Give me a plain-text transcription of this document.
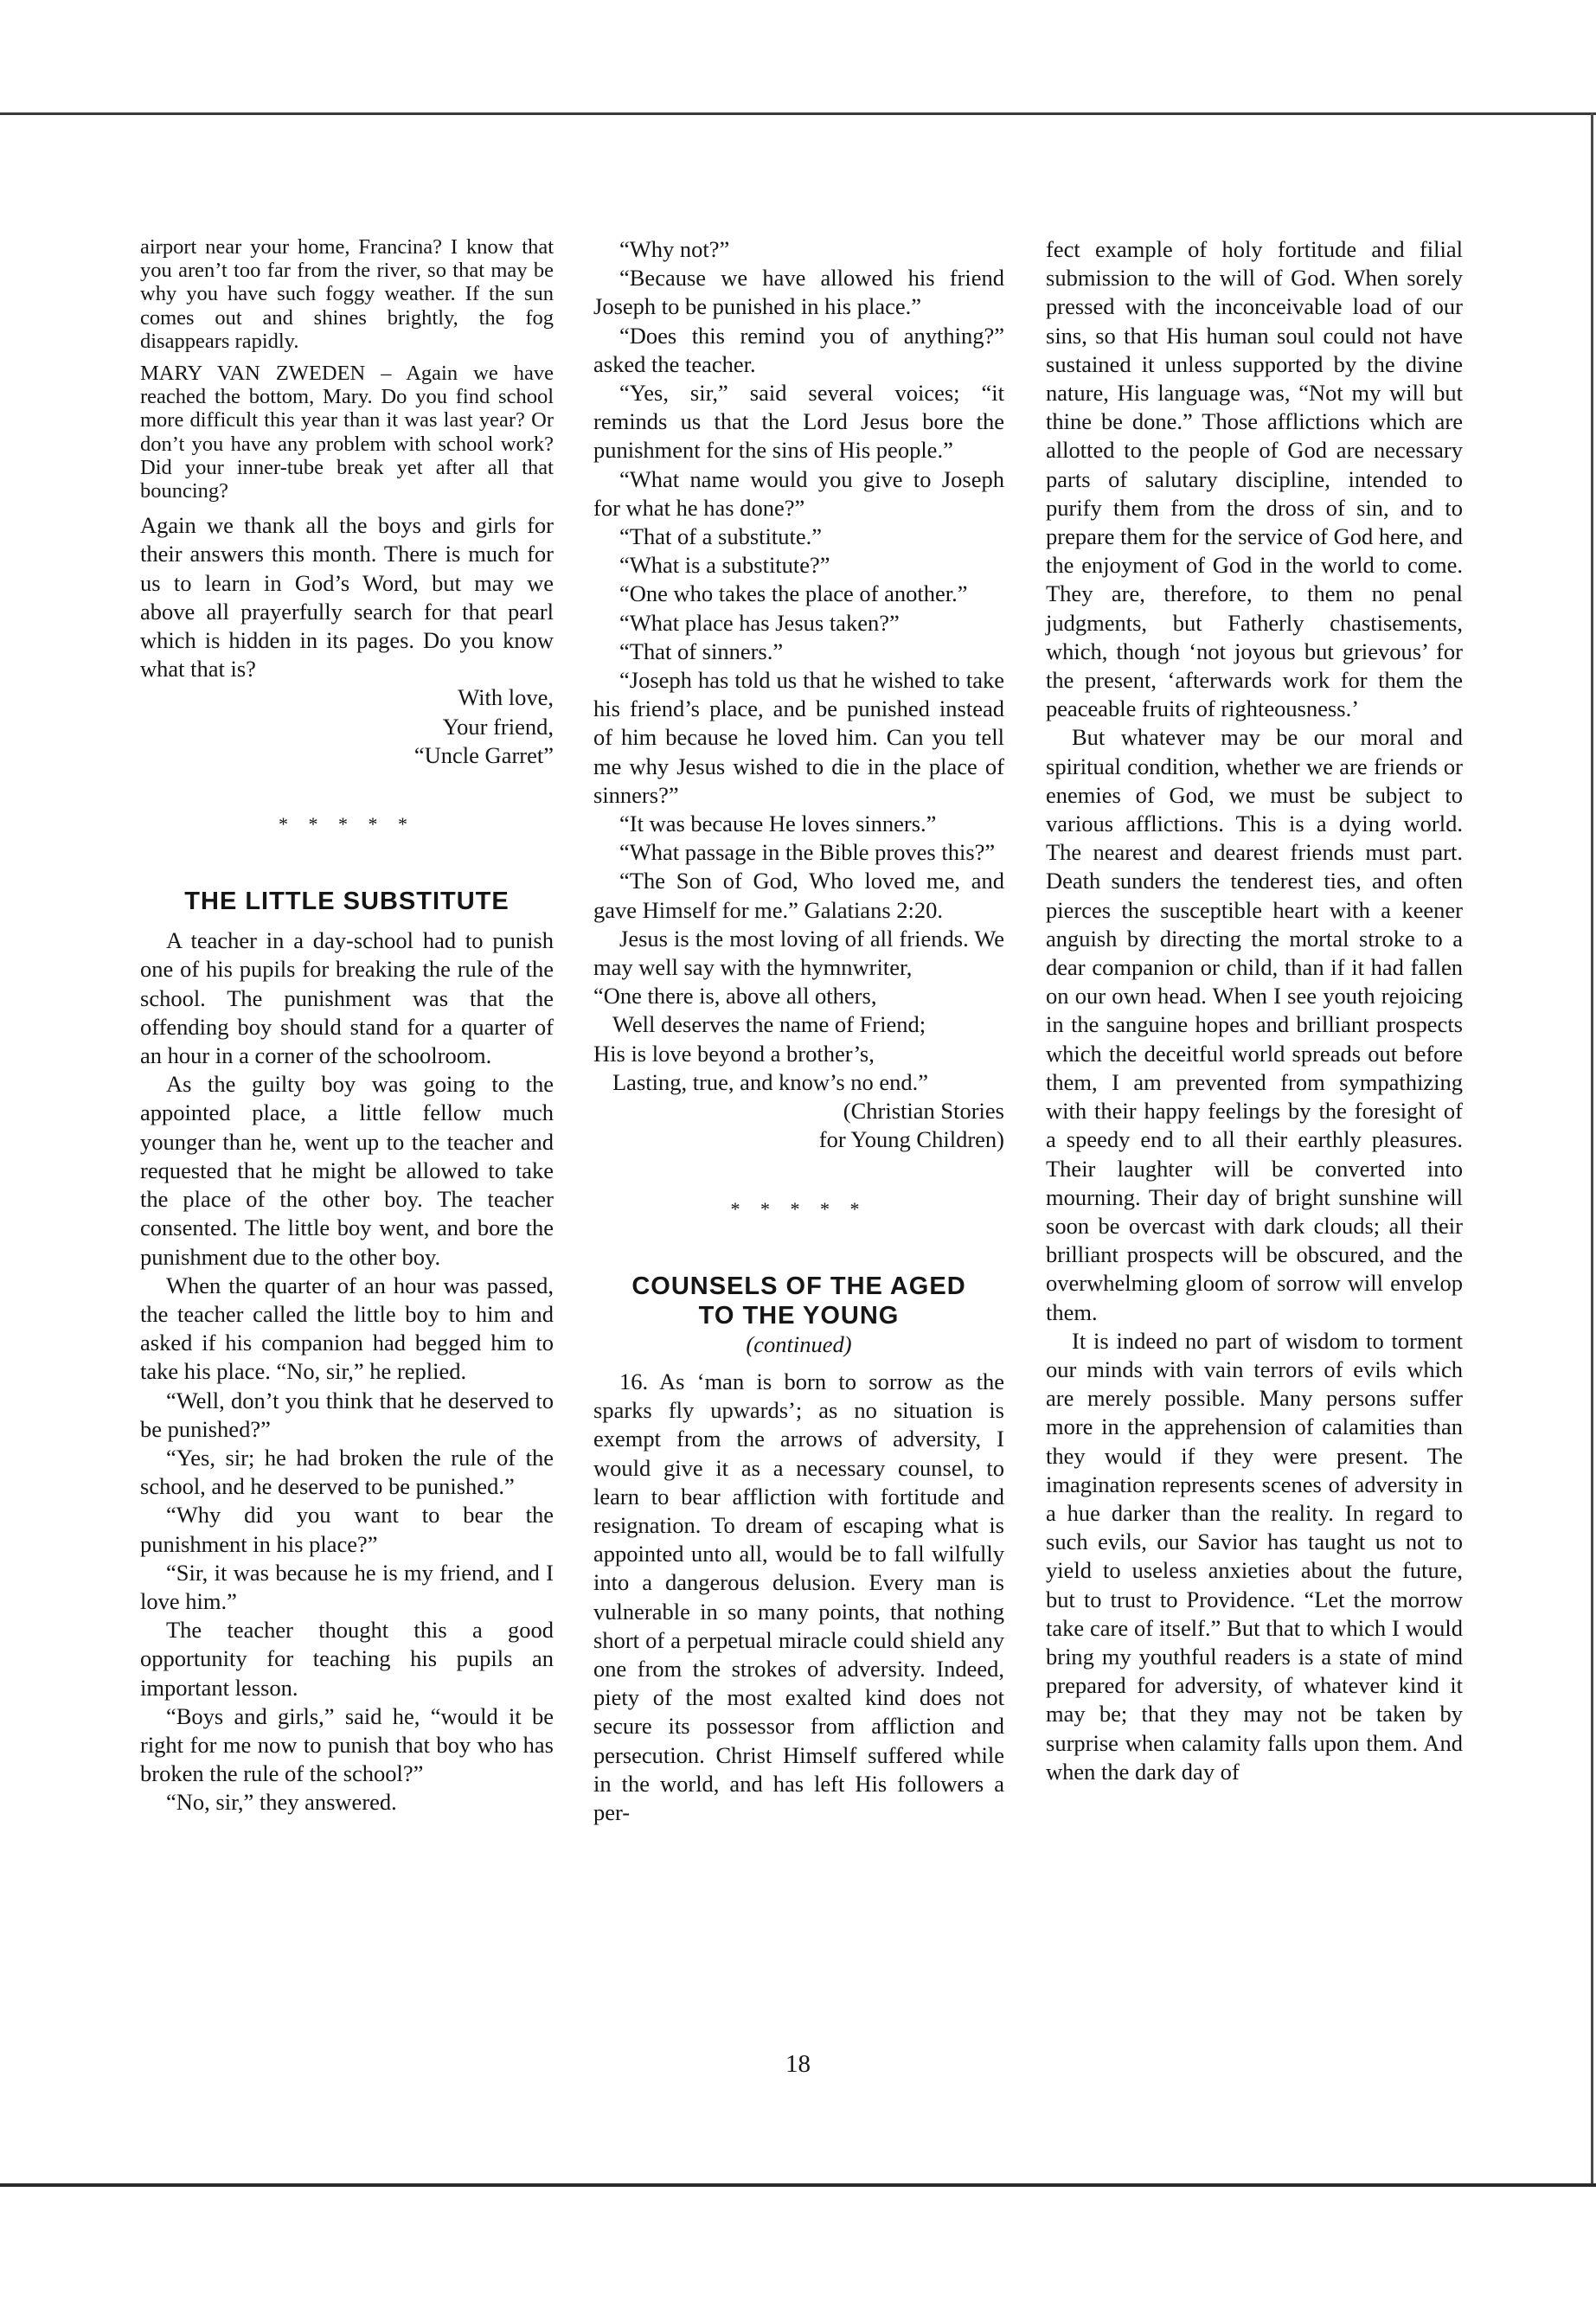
airport near your home, Francina? I know that you aren’t too far from the river, so that may be why you have such foggy weather. If the sun comes out and shines brightly, the fog disappears rapidly.

MARY VAN ZWEDEN – Again we have reached the bottom, Mary. Do you find school more difficult this year than it was last year? Or don’t you have any problem with school work? Did your inner-tube break yet after all that bouncing?

Again we thank all the boys and girls for their answers this month. There is much for us to learn in God’s Word, but may we above all prayerfully search for that pearl which is hidden in its pages. Do you know what that is?

With love,

Your friend,

“Uncle Garret”

* * * * *
THE LITTLE SUBSTITUTE

A teacher in a day-school had to punish one of his pupils for breaking the rule of the school. The punishment was that the offending boy should stand for a quarter of an hour in a corner of the schoolroom.

As the guilty boy was going to the appointed place, a little fellow much younger than he, went up to the teacher and requested that he might be allowed to take the place of the other boy. The teacher consented. The little boy went, and bore the punishment due to the other boy.

When the quarter of an hour was passed, the teacher called the little boy to him and asked if his companion had begged him to take his place. “No, sir,” he replied.

“Well, don’t you think that he deserved to be punished?”

“Yes, sir; he had broken the rule of the school, and he deserved to be punished.”

“Why did you want to bear the punishment in his place?”

“Sir, it was because he is my friend, and I love him.”

The teacher thought this a good opportunity for teaching his pupils an important lesson.

“Boys and girls,” said he, “would it be right for me now to punish that boy who has broken the rule of the school?”

“No, sir,” they answered.

“Why not?”

“Because we have allowed his friend Joseph to be punished in his place.”

“Does this remind you of anything?” asked the teacher.

“Yes, sir,” said several voices; “it reminds us that the Lord Jesus bore the punishment for the sins of His people.”

“What name would you give to Joseph for what he has done?”

“That of a substitute.”

“What is a substitute?”

“One who takes the place of another.”

“What place has Jesus taken?”

“That of sinners.”

“Joseph has told us that he wished to take his friend’s place, and be punished instead of him because he loved him. Can you tell me why Jesus wished to die in the place of sinners?”

“It was because He loves sinners.”

“What passage in the Bible proves this?”

“The Son of God, Who loved me, and gave Himself for me.” Galatians 2:20.

Jesus is the most loving of all friends. We may well say with the hymnwriter,

“One there is, above all others,

Well deserves the name of Friend;

His is love beyond a brother’s,

Lasting, true, and know’s no end.”

(Christian Stories

for Young Children)

* * * * *
COUNSELS OF THE AGED
TO THE YOUNG

(continued)

16. As ‘man is born to sorrow as the sparks fly upwards’; as no situation is exempt from the arrows of adversity, I would give it as a necessary counsel, to learn to bear affliction with fortitude and resignation. To dream of escaping what is appointed unto all, would be to fall wilfully into a dangerous delusion. Every man is vulnerable in so many points, that nothing short of a perpetual miracle could shield any one from the strokes of adversity. Indeed, piety of the most exalted kind does not secure its possessor from affliction and persecution. Christ Himself suffered while in the world, and has left His followers a per-

fect example of holy fortitude and filial submission to the will of God. When sorely pressed with the inconceivable load of our sins, so that His human soul could not have sustained it unless supported by the divine nature, His language was, “Not my will but thine be done.” Those afflictions which are allotted to the people of God are necessary parts of salutary discipline, intended to purify them from the dross of sin, and to prepare them for the service of God here, and the enjoyment of God in the world to come. They are, therefore, to them no penal judgments, but Fatherly chastisements, which, though ‘not joyous but grievous’ for the present, ‘afterwards work for them the peaceable fruits of righteousness.’

But whatever may be our moral and spiritual condition, whether we are friends or enemies of God, we must be subject to various afflictions. This is a dying world. The nearest and dearest friends must part. Death sunders the tenderest ties, and often pierces the susceptible heart with a keener anguish by directing the mortal stroke to a dear companion or child, than if it had fallen on our own head. When I see youth rejoicing in the sanguine hopes and brilliant prospects which the deceitful world spreads out before them, I am prevented from sympathizing with their happy feelings by the foresight of a speedy end to all their earthly pleasures. Their laughter will be converted into mourning. Their day of bright sunshine will soon be overcast with dark clouds; all their brilliant prospects will be obscured, and the overwhelming gloom of sorrow will envelop them.

It is indeed no part of wisdom to torment our minds with vain terrors of evils which are merely possible. Many persons suffer more in the apprehension of calamities than they would if they were present. The imagination represents scenes of adversity in a hue darker than the reality. In regard to such evils, our Savior has taught us not to yield to useless anxieties about the future, but to trust to Providence. “Let the morrow take care of itself.” But that to which I would bring my youthful readers is a state of mind prepared for adversity, of whatever kind it may be; that they may not be taken by surprise when calamity falls upon them. And when the dark day of

18
